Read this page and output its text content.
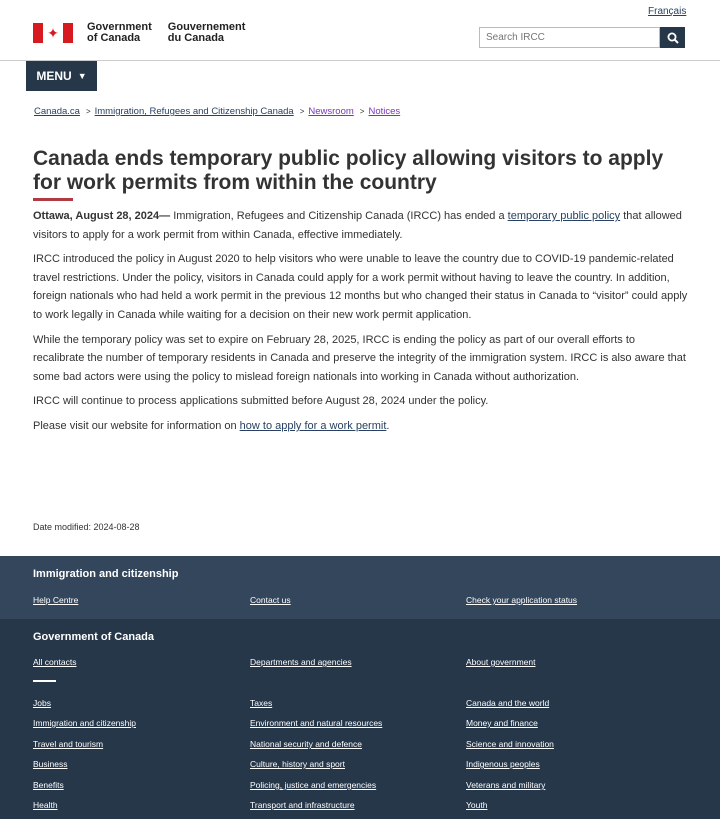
Français
✦	Government
of Canada
Gouvernement
du Canada
Search IRCC
MENU ▼
Canada.ca > Immigration, Refugees and Citizenship Canada > Newsroom > Notices
Canada ends temporary public policy allowing visitors to apply for work permits from within the country

Ottawa, August 28, 2024— Immigration, Refugees and Citizenship Canada (IRCC) has ended a temporary public policy that allowed visitors to apply for a work permit from within Canada, effective immediately.

IRCC introduced the policy in August 2020 to help visitors who were unable to leave the country due to COVID-19 pandemic-related travel restrictions. Under the policy, visitors in Canada could apply for a work permit without having to leave the country. In addition, foreign nationals who had held a work permit in the previous 12 months but who changed their status in Canada to “visitor” could apply to work legally in Canada while waiting for a decision on their new work permit application.

While the temporary policy was set to expire on February 28, 2025, IRCC is ending the policy as part of our overall efforts to recalibrate the number of temporary residents in Canada and preserve the integrity of the immigration system. IRCC is also aware that some bad actors were using the policy to mislead foreign nationals into working in Canada without authorization.

IRCC will continue to process applications submitted before August 28, 2024 under the policy.

Please visit our website for information on how to apply for a work permit.

Date modified: 2024-08-28
Immigration and citizenship
Help Centre	Contact us	Check your application status
Government of Canada
All contacts	Departments and agencies	About government
Jobs	Taxes	Canada and the world
Immigration and citizenship	Environment and natural resources	Money and finance
Travel and tourism	National security and defence	Science and innovation
Business	Culture, history and sport	Indigenous peoples
Benefits	Policing, justice and emergencies	Veterans and military
Health	Transport and infrastructure	Youth
